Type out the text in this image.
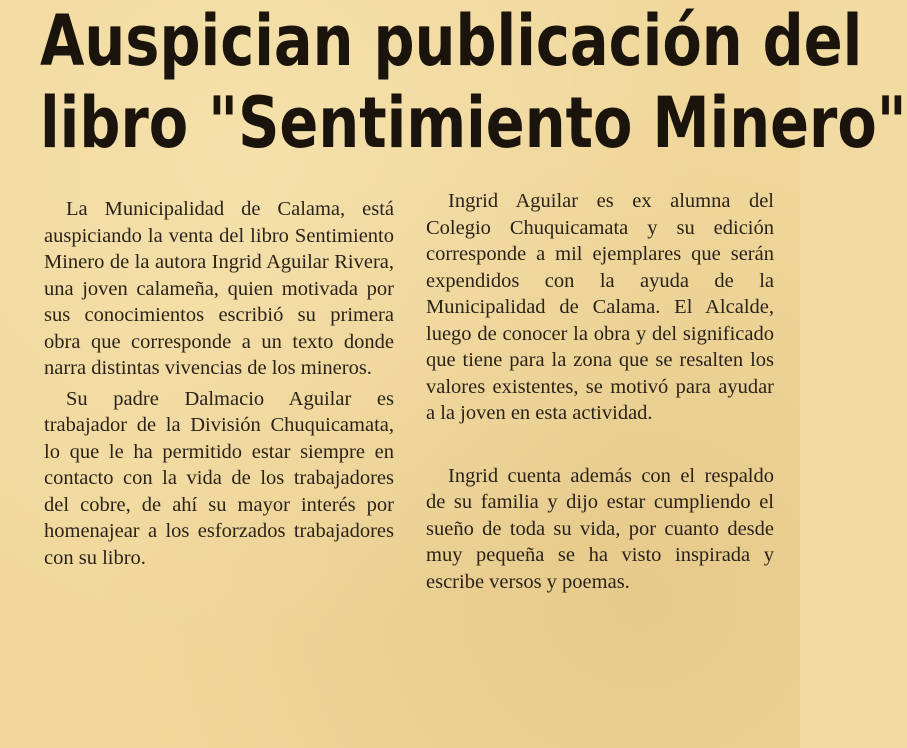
Auspician publicación del
libro "Sentimiento Minero"

La Municipalidad de Calama, está auspiciando la venta del libro Sentimiento Minero de la autora Ingrid Aguilar Rivera, una joven calameña, quien motivada por sus conocimientos escribió su primera obra que corresponde a un texto donde narra distintas vivencias de los mineros.

Su padre Dalmacio Aguilar es trabajador de la División Chuquicamata, lo que le ha permitido estar siempre en contacto con la vida de los trabajadores del cobre, de ahí su mayor interés por homenajear a los esforzados trabajadores con su libro.

Ingrid Aguilar es ex alumna del Colegio Chuquicamata y su edición corresponde a mil ejemplares que serán expendidos con la ayuda de la Municipalidad de Calama. El Alcalde, luego de conocer la obra y del significado que tiene para la zona que se resalten los valores existentes, se motivó para ayudar a la joven en esta actividad.

Ingrid cuenta además con el respaldo de su familia y dijo estar cumpliendo el sueño de toda su vida, por cuanto desde muy pequeña se ha visto inspirada y escribe versos y poemas.
